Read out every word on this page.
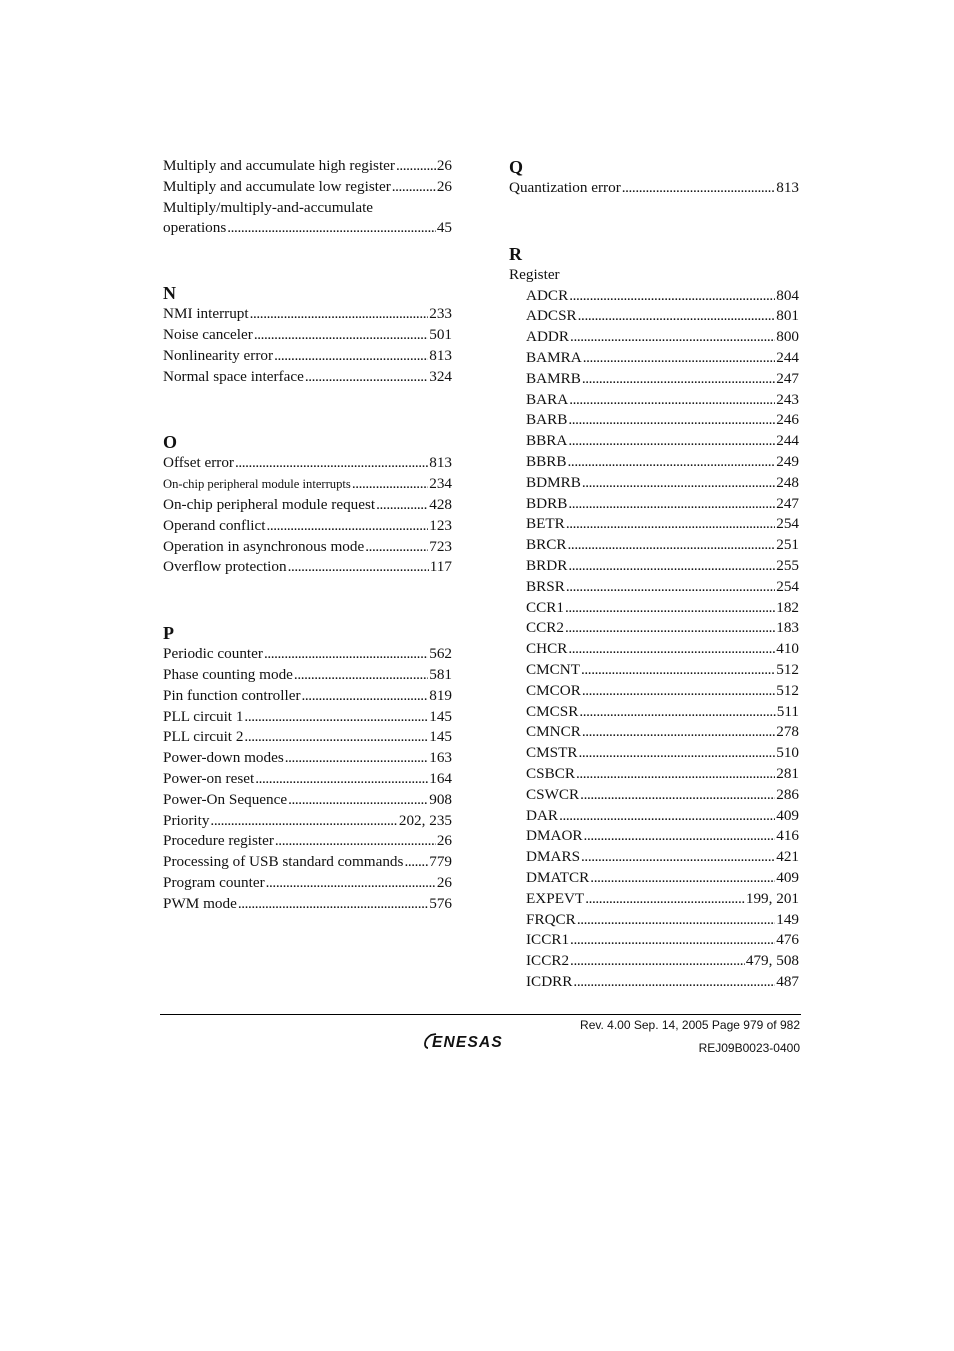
Multiply and accumulate high register . . .	26
Multiply and accumulate low register . . .	26
Multiply/multiply-and-accumulate
operations . . .	45
N
NMI interrupt . . .	233
Noise canceler . . .	501
Nonlinearity error . . .	813
Normal space interface . . .	324
O
Offset error . . .	813
On-chip peripheral module interrupts . . .	234
On-chip peripheral module request . . .	428
Operand conflict . . .	123
Operation in asynchronous mode . . .	723
Overflow protection . . .	117
P
Periodic counter . . .	562
Phase counting mode . . .	581
Pin function controller . . .	819
PLL circuit 1 . . .	145
PLL circuit 2 . . .	145
Power-down modes . . .	163
Power-on reset . . .	164
Power-On Sequence . . .	908
Priority . . .	202, 235
Procedure register . . .	26
Processing of USB standard commands . . . 779
Program counter . . .	26
PWM mode . . .	576
Q
Quantization error . . .	813
R
Register
ADCR . . .	804
ADCSR . . .	801
ADDR . . .	800
BAMRA . . .	244
BAMRB . . .	247
BARA . . .	243
BARB . . .	246
BBRA . . .	244
BBRB . . .	249
BDMRB . . .	248
BDRB . . .	247
BETR . . .	254
BRCR . . .	251
BRDR . . .	255
BRSR . . .	254
CCR1 . . .	182
CCR2 . . .	183
CHCR . . .	410
CMCNT . . .	512
CMCOR . . .	512
CMCSR . . .	511
CMNCR . . .	278
CMSTR . . .	510
CSBCR . . .	281
CSWCR . . .	286
DAR . . .	409
DMAOR . . .	416
DMARS . . .	421
DMATCR . . .	409
EXPEVT . . .	199, 201
FRQCR . . .	149
ICCR1 . . .	476
ICCR2 . . .	479, 508
ICDRR . . .	487
Rev. 4.00 Sep. 14, 2005 Page 979 of 982
ENESAS	REJ09B0023-0400
